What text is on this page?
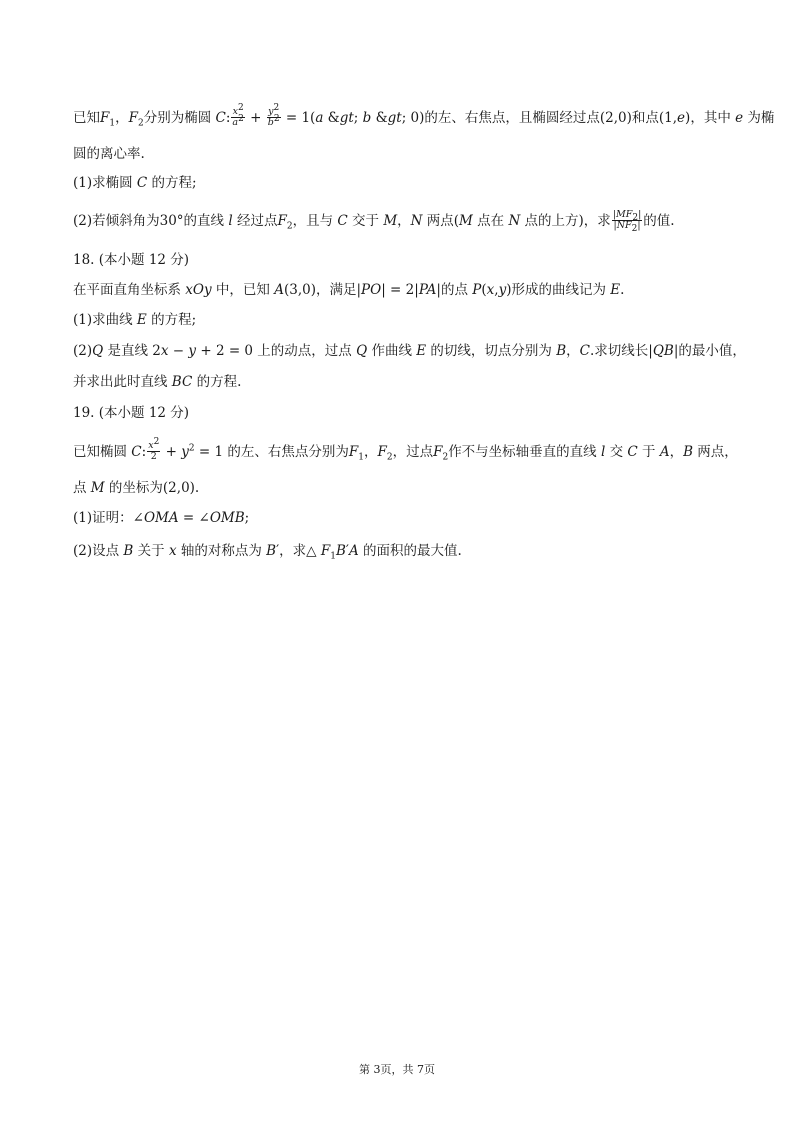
已知$F_1$，$F_2$分别为椭圆 C: $\frac{x^2}{a^2} + \frac{y^2}{b^2} = 1(a$ &gt; b &gt; 0)的左、右焦点，且椭圆经过点(2,0)和点(1,e)，其中 e 为椭
圆的离心率.
(1)求椭圆 C 的方程;
(2)若倾斜角为30°的直线 l 经过点$F_2$，且与 C 交于 M，N 两点(M 点在 N 点的上方)，求 $\frac{|MF_2|}{|NF_2|}$ 的值.
18. (本小题 12 分)
在平面直角坐标系 xOy 中，已知 A(3,0)，满足|PO| = 2|PA|的点 P(x,y)形成的曲线记为 E.
(1)求曲线 E 的方程;
(2)Q 是直线 2x − y + 2 = 0 上的动点，过点 Q 作曲线 E 的切线，切点分别为 B，C.求切线长|QB|的最小值，
并求出此时直线 BC 的方程.
19. (本小题 12 分)
已知椭圆 C: $\frac{x^2}{2} + y^2 = 1$ 的左、右焦点分别为$F_1$，$F_2$，过点$F_2$作不与坐标轴垂直的直线 l 交 C 于 A，B 两点，
点 M 的坐标为(2,0).
(1)证明：∠OMA = ∠OMB;
(2)设点 B 关于 x 轴的对称点为 B′，求△ $F_1B'A$ 的面积的最大值.
第 3页，共 7页
